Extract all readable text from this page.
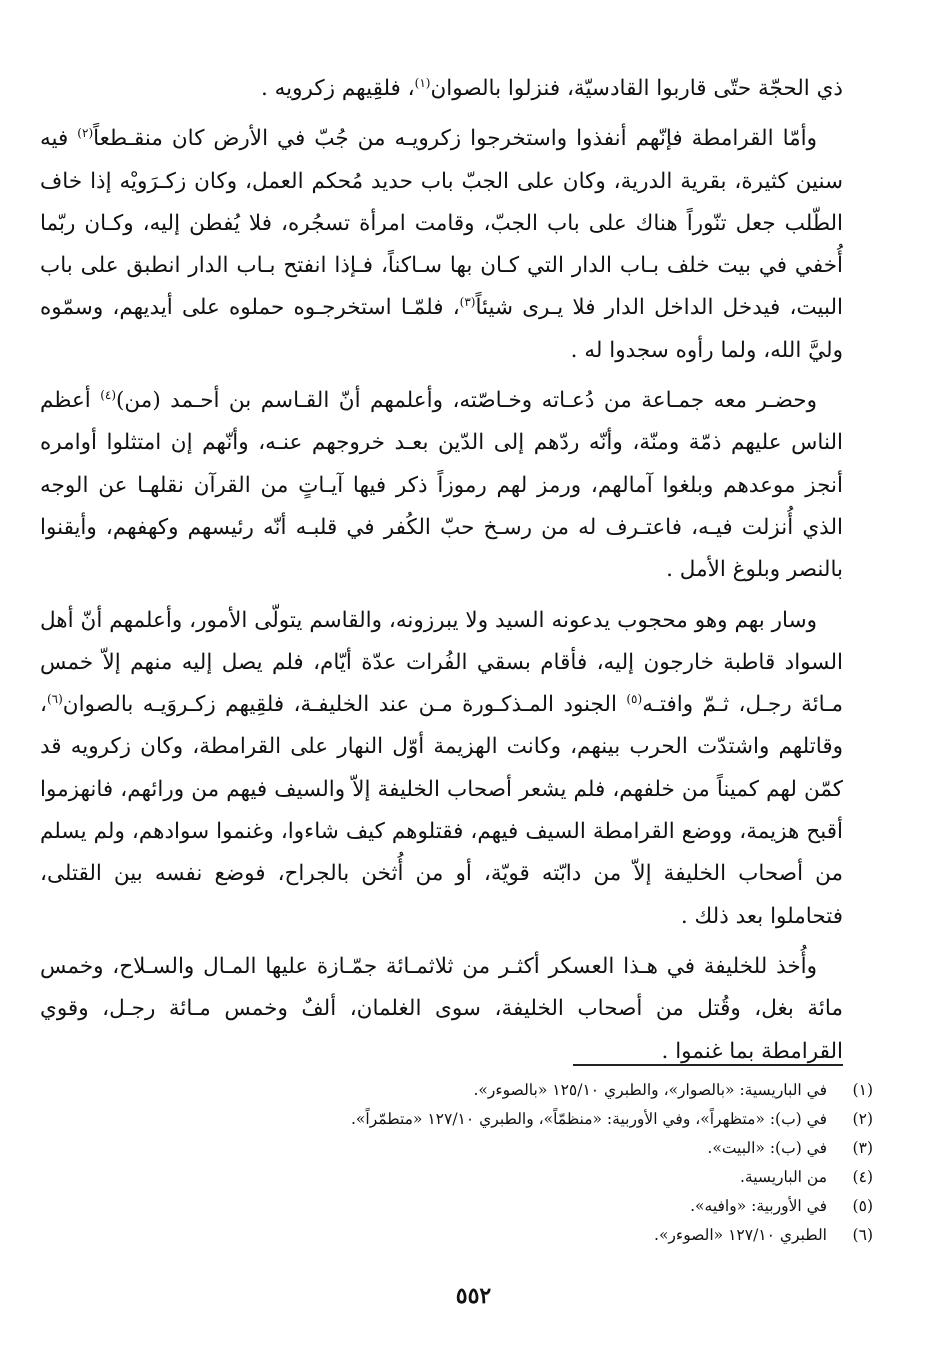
ذي الحجّة حتّى قاربوا القادسيّة، فنزلوا بالصوان$^{(١)}$، فلقِيهم زكرويه .

وأمّا القرامطة فإنّهم أنفذوا واستخرجوا زكرويـه من جُبّ في الأرض كان منقـطعاً$^{(٢)}$ فيه سنين كثيرة، بقرية الدرية، وكان على الجبّ باب حديد مُحكم العمل، وكان زكـرَويْه إذا خاف الطّلب جعل تنّوراً هناك على باب الجبّ، وقامت امرأة تسجُره، فلا يُفطن إليه، وكـان ربّما أُخفي في بيت خلف بـاب الدار التي كـان بها سـاكناً، فـإذا انفتح بـاب الدار انطبق على باب البيت، فيدخل الداخل الدار فلا يـرى شيئاً$^{(٣)}$، فلمّـا استخرجـوه حملوه على أيديهم، وسمّوه وليَّ الله، ولما رأوه سجدوا له .

وحضـر معه جمـاعة من دُعـاته وخـاصّته، وأعلمهم أنّ القـاسم بن أحـمد (من)$^{(٤)}$ أعظم الناس عليهم ذمّة ومنّة، وأنّه ردّهم إلى الدّين بعـد خروجهم عنـه، وأنّهم إن امتثلوا أوامره أنجز موعدهم وبلغوا آمالهم، ورمز لهم رموزاً ذكر فيها آيـاتٍ من القرآن نقلهـا عن الوجه الذي أُنزلت فيـه، فاعتـرف له من رسـخ حبّ الكُفر في قلبـه أنّه رئيسهم وكهفهم، وأيقنوا بالنصر وبلوغ الأمل .

وسار بهم وهو محجوب يدعونه السيد ولا يبرزونه، والقاسم يتولّى الأمور، وأعلمهم أنّ أهل السواد قاطبة خارجون إليه، فأقام بسقي الفُرات عدّة أيّام، فلم يصل إليه منهم إلاّ خمس مـائة رجـل، ثـمّ وافتـه$^{(٥)}$ الجنود المـذكـورة مـن عند الخليفـة، فلقِيهم زكـروَيـه بالصوان$^{(٦)}$، وقاتلهم واشتدّت الحرب بينهم، وكانت الهزيمة أوّل النهار على القرامطة، وكان زكرويه قد كمّن لهم كميناً من خلفهم، فلم يشعر أصحاب الخليفة إلاّ والسيف فيهم من ورائهم، فانهزموا أقبح هزيمة، ووضع القرامطة السيف فيهم، فقتلوهم كيف شاءوا، وغنموا سوادهم، ولم يسلم من أصحاب الخليفة إلاّ من دابّته قويّة، أو من أُثخن بالجراح، فوضع نفسه بين القتلى، فتحاملوا بعد ذلك .

وأُخذ للخليفة في هـذا العسكر أكثـر من ثلاثمـائة جمّـازة عليها المـال والسـلاح، وخمس مائة بغل، وقُتل من أصحاب الخليفة، سوى الغلمان، ألفٌ وخمس مـائة رجـل، وقوي القرامطة بما غنموا .

(١)في الباريسية: «بالصوار»، والطبري ١٢٥/١٠ «بالصوءر».
(٢)في (ب): «متظهراً»، وفي الأوربية: «منظمّاً»، والطبري ١٢٧/١٠ «متطمّراً».
(٣)في (ب): «البيت».
(٤)من الباريسية.
(٥)في الأوربية: «وافيه».
(٦)الطبري ١٢٧/١٠ «الصوءر».
٥٥٢
